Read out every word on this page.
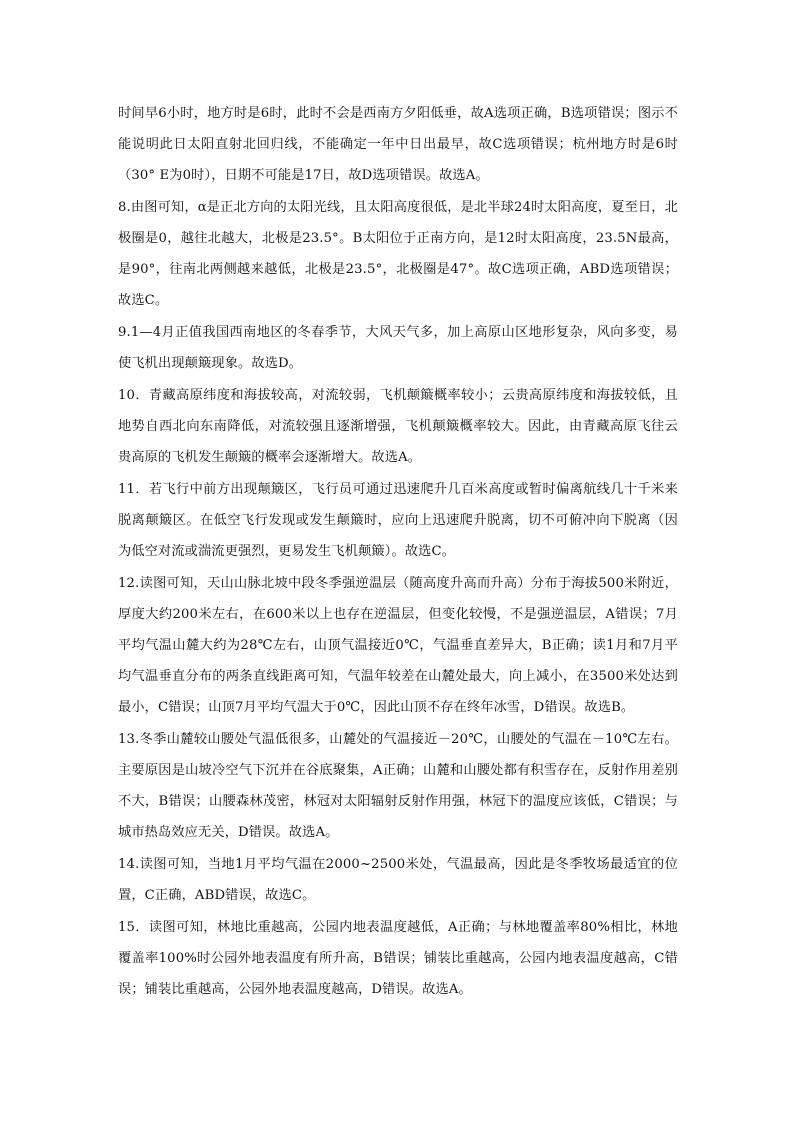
时间早6小时，地方时是6时，此时不会是西南方夕阳低垂，故A选项正确，B选项错误；图示不能说明此日太阳直射北回归线，不能确定一年中日出最早，故C选项错误；杭州地方时是6时（30° E为0时），日期不可能是17日，故D选项错误。故选A。

8.由图可知，α是正北方向的太阳光线，且太阳高度很低，是北半球24时太阳高度，夏至日，北极圈是0，越往北越大，北极是23.5°。B太阳位于正南方向，是12时太阳高度，23.5N最高，是90°，往南北两侧越来越低，北极是23.5°，北极圈是47°。故C选项正确，ABD选项错误；故选C。

9.1—4月正值我国西南地区的冬春季节，大风天气多，加上高原山区地形复杂，风向多变，易使飞机出现颠簸现象。故选D。

10．青藏高原纬度和海拔较高，对流较弱，飞机颠簸概率较小；云贵高原纬度和海拔较低，且地势自西北向东南降低，对流较强且逐渐增强，飞机颠簸概率较大。因此，由青藏高原飞往云贵高原的飞机发生颠簸的概率会逐渐增大。故选A。

11．若飞行中前方出现颠簸区，飞行员可通过迅速爬升几百米高度或暂时偏离航线几十千米来脱离颠簸区。在低空飞行发现或发生颠簸时，应向上迅速爬升脱离，切不可俯冲向下脱离（因为低空对流或湍流更强烈，更易发生飞机颠簸）。故选C。

12.读图可知，天山山脉北坡中段冬季强逆温层（随高度升高而升高）分布于海拔500米附近，厚度大约200米左右，在600米以上也存在逆温层，但变化较慢，不是强逆温层，A错误；7月平均气温山麓大约为28℃左右，山顶气温接近0℃，气温垂直差异大，B正确；读1月和7月平均气温垂直分布的两条直线距离可知，气温年较差在山麓处最大，向上减小，在3500米处达到最小，C错误；山顶7月平均气温大于0℃，因此山顶不存在终年冰雪，D错误。故选B。

13.冬季山麓较山腰处气温低很多，山麓处的气温接近－20℃，山腰处的气温在－10℃左右。主要原因是山坡冷空气下沉并在谷底聚集，A正确；山麓和山腰处都有积雪存在，反射作用差别不大，B错误；山腰森林茂密，林冠对太阳辐射反射作用强，林冠下的温度应该低，C错误；与城市热岛效应无关，D错误。故选A。

14.读图可知，当地1月平均气温在2000~2500米处，气温最高，因此是冬季牧场最适宜的位置，C正确，ABD错误，故选C。

15．读图可知，林地比重越高，公园内地表温度越低，A正确；与林地覆盖率80%相比，林地覆盖率100%时公园外地表温度有所升高，B错误；铺装比重越高，公园内地表温度越高，C错误；铺装比重越高，公园外地表温度越高，D错误。故选A。
